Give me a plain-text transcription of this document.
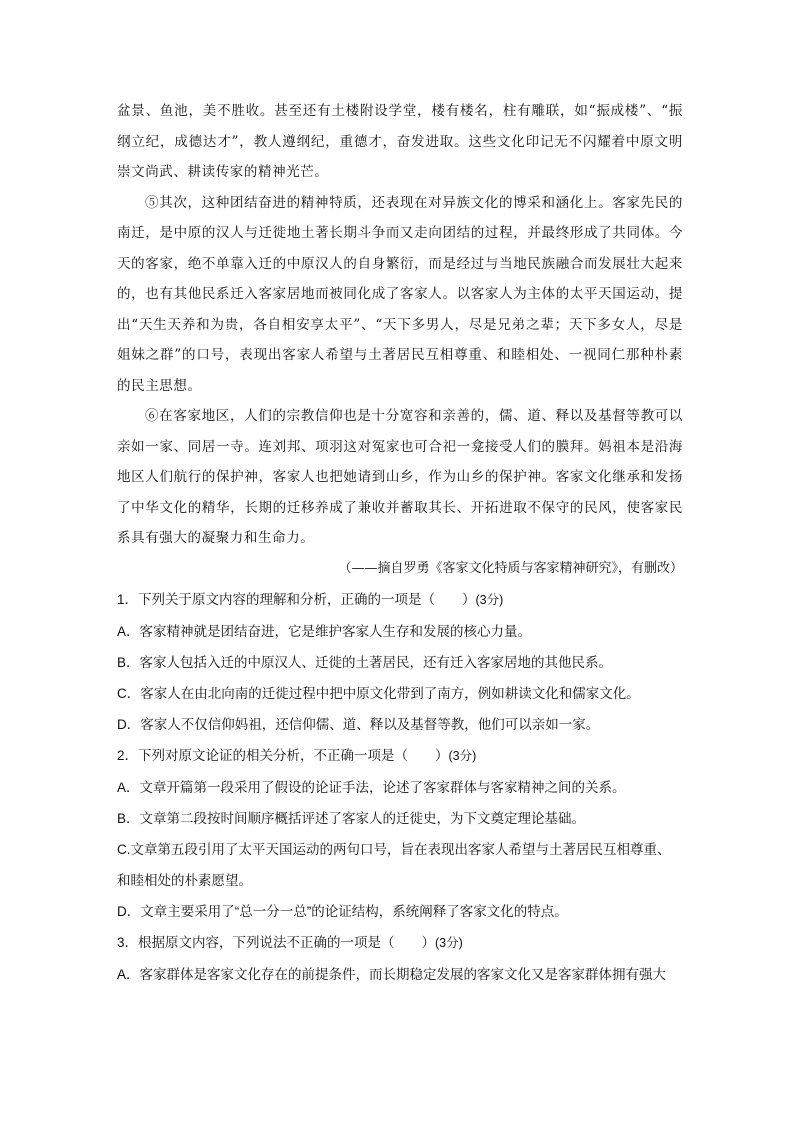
盆景、鱼池，美不胜收。甚至还有土楼附设学堂，楼有楼名，柱有雕联，如“振成楼”、“振纲立纪，成德达才”，教人遵纲纪，重德才，奋发进取。这些文化印记无不闪耀着中原文明崇文尚武、耕读传家的精神光芒。

⑤其次，这种团结奋进的精神特质，还表现在对异族文化的博采和涵化上。客家先民的南迁，是中原的汉人与迁徙地土著长期斗争而又走向团结的过程，并最终形成了共同体。今天的客家，绝不单靠入迁的中原汉人的自身繁衍，而是经过与当地民族融合而发展壮大起来的，也有其他民系迁入客家居地而被同化成了客家人。以客家人为主体的太平天国运动，提出“天生天养和为贵，各自相安享太平”、“天下多男人，尽是兄弟之辈；天下多女人，尽是姐妹之群”的口号，表现出客家人希望与土著居民互相尊重、和睦相处、一视同仁那种朴素的民主思想。

⑥在客家地区，人们的宗教信仰也是十分宽容和亲善的，儒、道、释以及基督等教可以亲如一家、同居一寺。连刘邦、项羽这对冤家也可合祀一龛接受人们的膜拜。妈祖本是沿海地区人们航行的保护神，客家人也把她请到山乡，作为山乡的保护神。客家文化继承和发扬了中华文化的精华，长期的迁移养成了兼收并蓄取其长、开拓进取不保守的民风，使客家民系具有强大的凝聚力和生命力。

（——摘自罗勇《客家文化特质与客家精神研究》，有删改）

1．下列关于原文内容的理解和分析，正确的一项是（　　）(3分)

A．客家精神就是团结奋进，它是维护客家人生存和发展的核心力量。

B．客家人包括入迁的中原汉人、迁徙的土著居民，还有迁入客家居地的其他民系。

C．客家人在由北向南的迁徙过程中把中原文化带到了南方，例如耕读文化和儒家文化。

D．客家人不仅信仰妈祖，还信仰儒、道、释以及基督等教，他们可以亲如一家。

2．下列对原文论证的相关分析，不正确一项是（　　）(3分)

A．文章开篇第一段采用了假设的论证手法，论述了客家群体与客家精神之间的关系。

B．文章第二段按时间顺序概括评述了客家人的迁徙史，为下文奠定理论基础。

C.文章第五段引用了太平天国运动的两句口号，旨在表现出客家人希望与土著居民互相尊重、和睦相处的朴素愿望。

D．文章主要采用了“总一分一总”的论证结构，系统阐释了客家文化的特点。

3．根据原文内容，下列说法不正确的一项是（　　）(3分)

A．客家群体是客家文化存在的前提条件，而长期稳定发展的客家文化又是客家群体拥有强大
